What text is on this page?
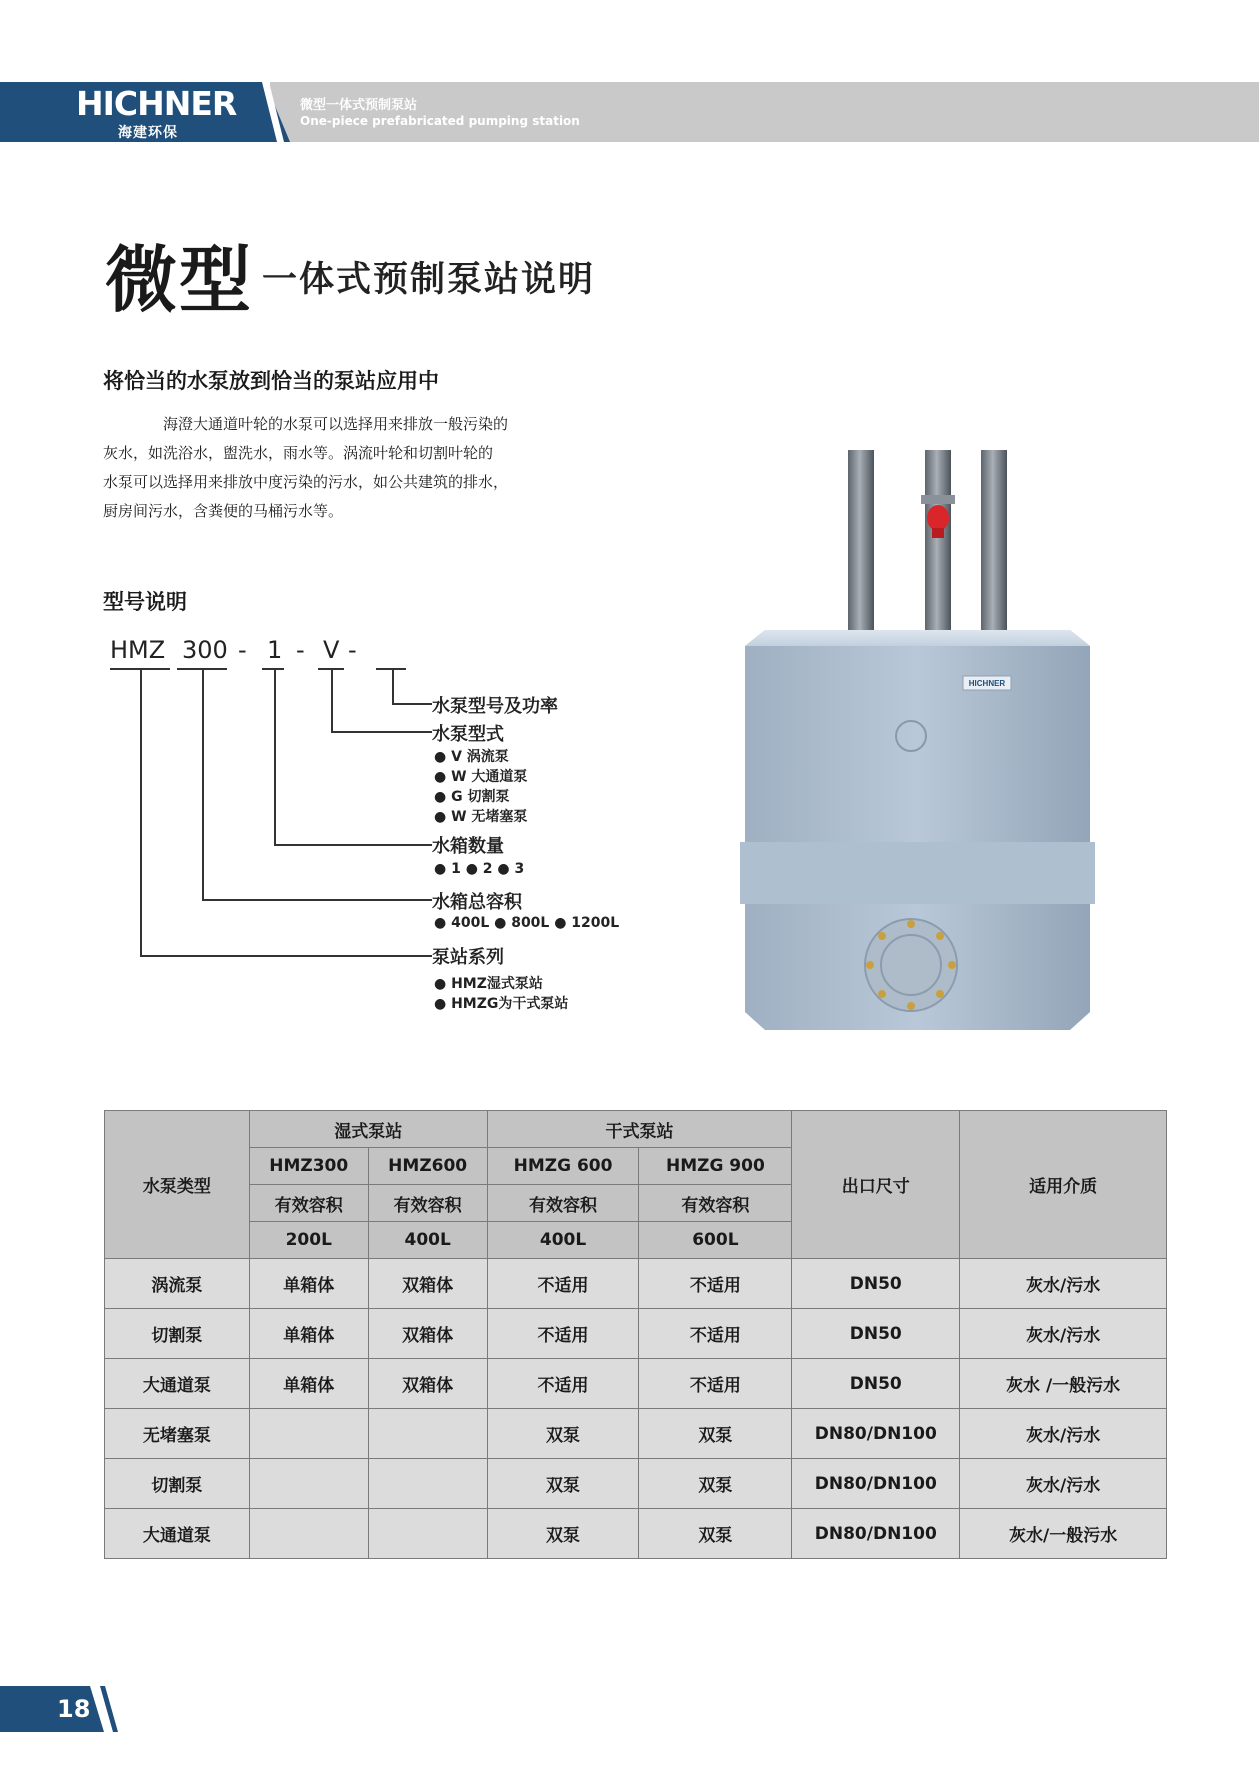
HICHNER
海建环保
微型一体式预制泵站
One-piece prefabricated pumping station
微型 一体式预制泵站说明
将恰当的水泵放到恰当的泵站应用中

海澄大通道叶轮的水泵可以选择用来排放一般污染的

灰水，如洗浴水，盥洗水，雨水等。涡流叶轮和切割叶轮的

水泵可以选择用来排放中度污染的污水，如公共建筑的排水，

厨房间污水，含粪便的马桶污水等。

型号说明
HMZ 300 - 1 - V -
水泵型号及功率
水泵型式
● V 涡流泵
● W 大通道泵
● G 切割泵
● W 无堵塞泵
水箱数量
● 1 ● 2 ● 3
水箱总容积
● 400L ● 800L ● 1200L
泵站系列
● HMZ湿式泵站
● HMZG为干式泵站
HICHNER
水泵类型	湿式泵站		干式泵站		出口尺寸	适用介质
	HMZ300	HMZ600	HMZG 600	HMZG 900		
	有效容积	有效容积	有效容积	有效容积		
	200L	400L	400L	600L		
涡流泵	单箱体	双箱体	不适用	不适用	DN50	灰水/污水
切割泵	单箱体	双箱体	不适用	不适用	DN50	灰水/污水
大通道泵	单箱体	双箱体	不适用	不适用	DN50	灰水 /一般污水
无堵塞泵			双泵	双泵	DN80/DN100	灰水/污水
切割泵			双泵	双泵	DN80/DN100	灰水/污水
大通道泵			双泵	双泵	DN80/DN100	灰水/一般污水
18
